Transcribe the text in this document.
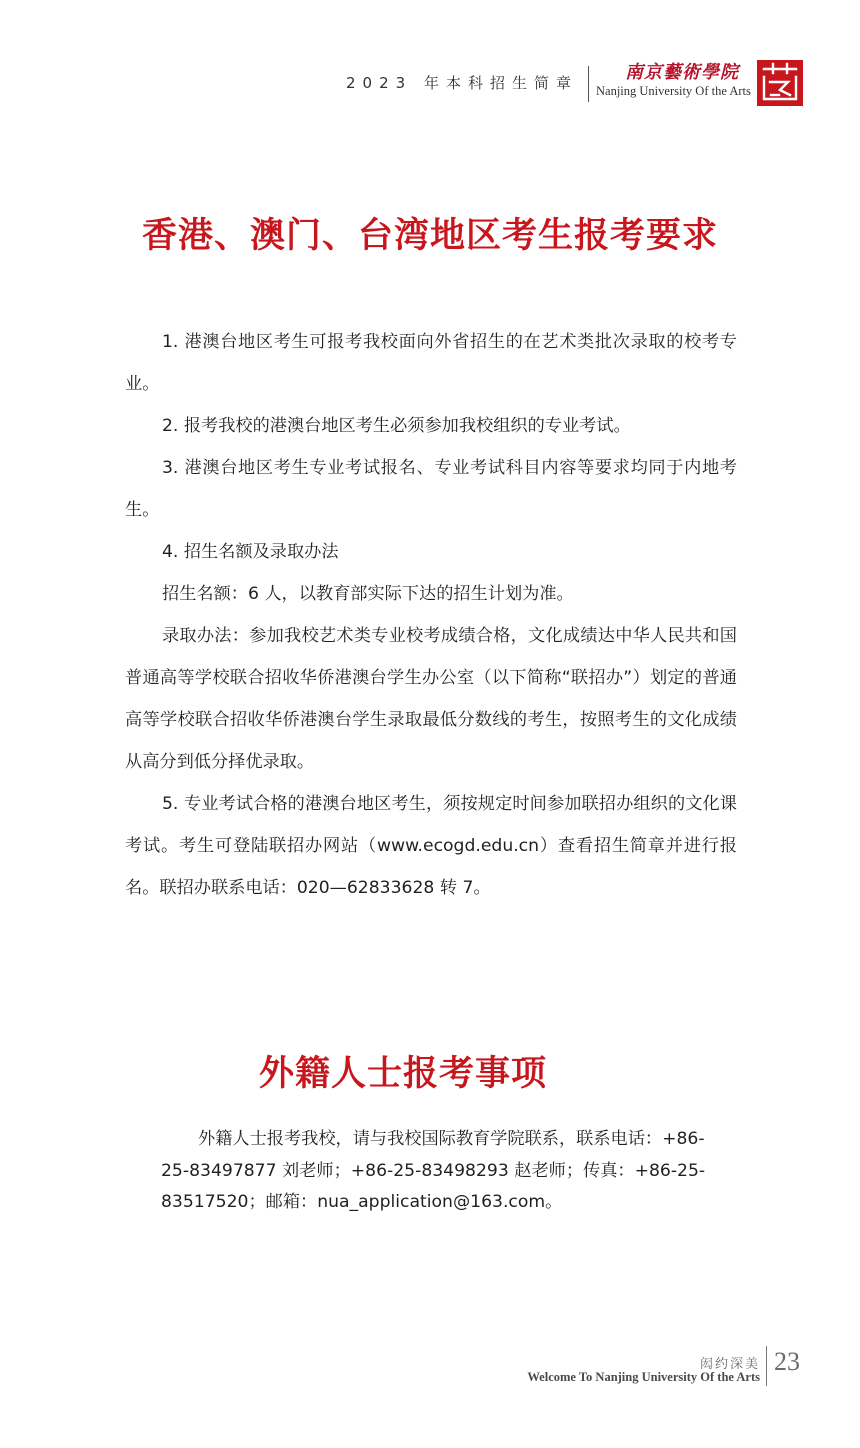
2023 年本科招生简章	南京藝術學院
Nanjing University Of the Arts
香港、澳门、台湾地区考生报考要求

1. 港澳台地区考生可报考我校面向外省招生的在艺术类批次录取的校考专业。

2. 报考我校的港澳台地区考生必须参加我校组织的专业考试。

3. 港澳台地区考生专业考试报名、专业考试科目内容等要求均同于内地考生。

4. 招生名额及录取办法

招生名额：6 人，以教育部实际下达的招生计划为准。

录取办法：参加我校艺术类专业校考成绩合格，文化成绩达中华人民共和国普通高等学校联合招收华侨港澳台学生办公室（以下简称“联招办”）划定的普通高等学校联合招收华侨港澳台学生录取最低分数线的考生，按照考生的文化成绩从高分到低分择优录取。

5. 专业考试合格的港澳台地区考生，须按规定时间参加联招办组织的文化课考试。考生可登陆联招办网站（www.ecogd.edu.cn）查看招生简章并进行报名。联招办联系电话：020—62833628 转 7。

外籍人士报考事项

外籍人士报考我校，请与我校国际教育学院联系，联系电话：+86-25-83497877 刘老师；+86-25-83498293 赵老师；传真：+86-25-83517520；邮箱：nua_application@163.com。

闳约深美
Welcome To Nanjing University Of the Arts
23
